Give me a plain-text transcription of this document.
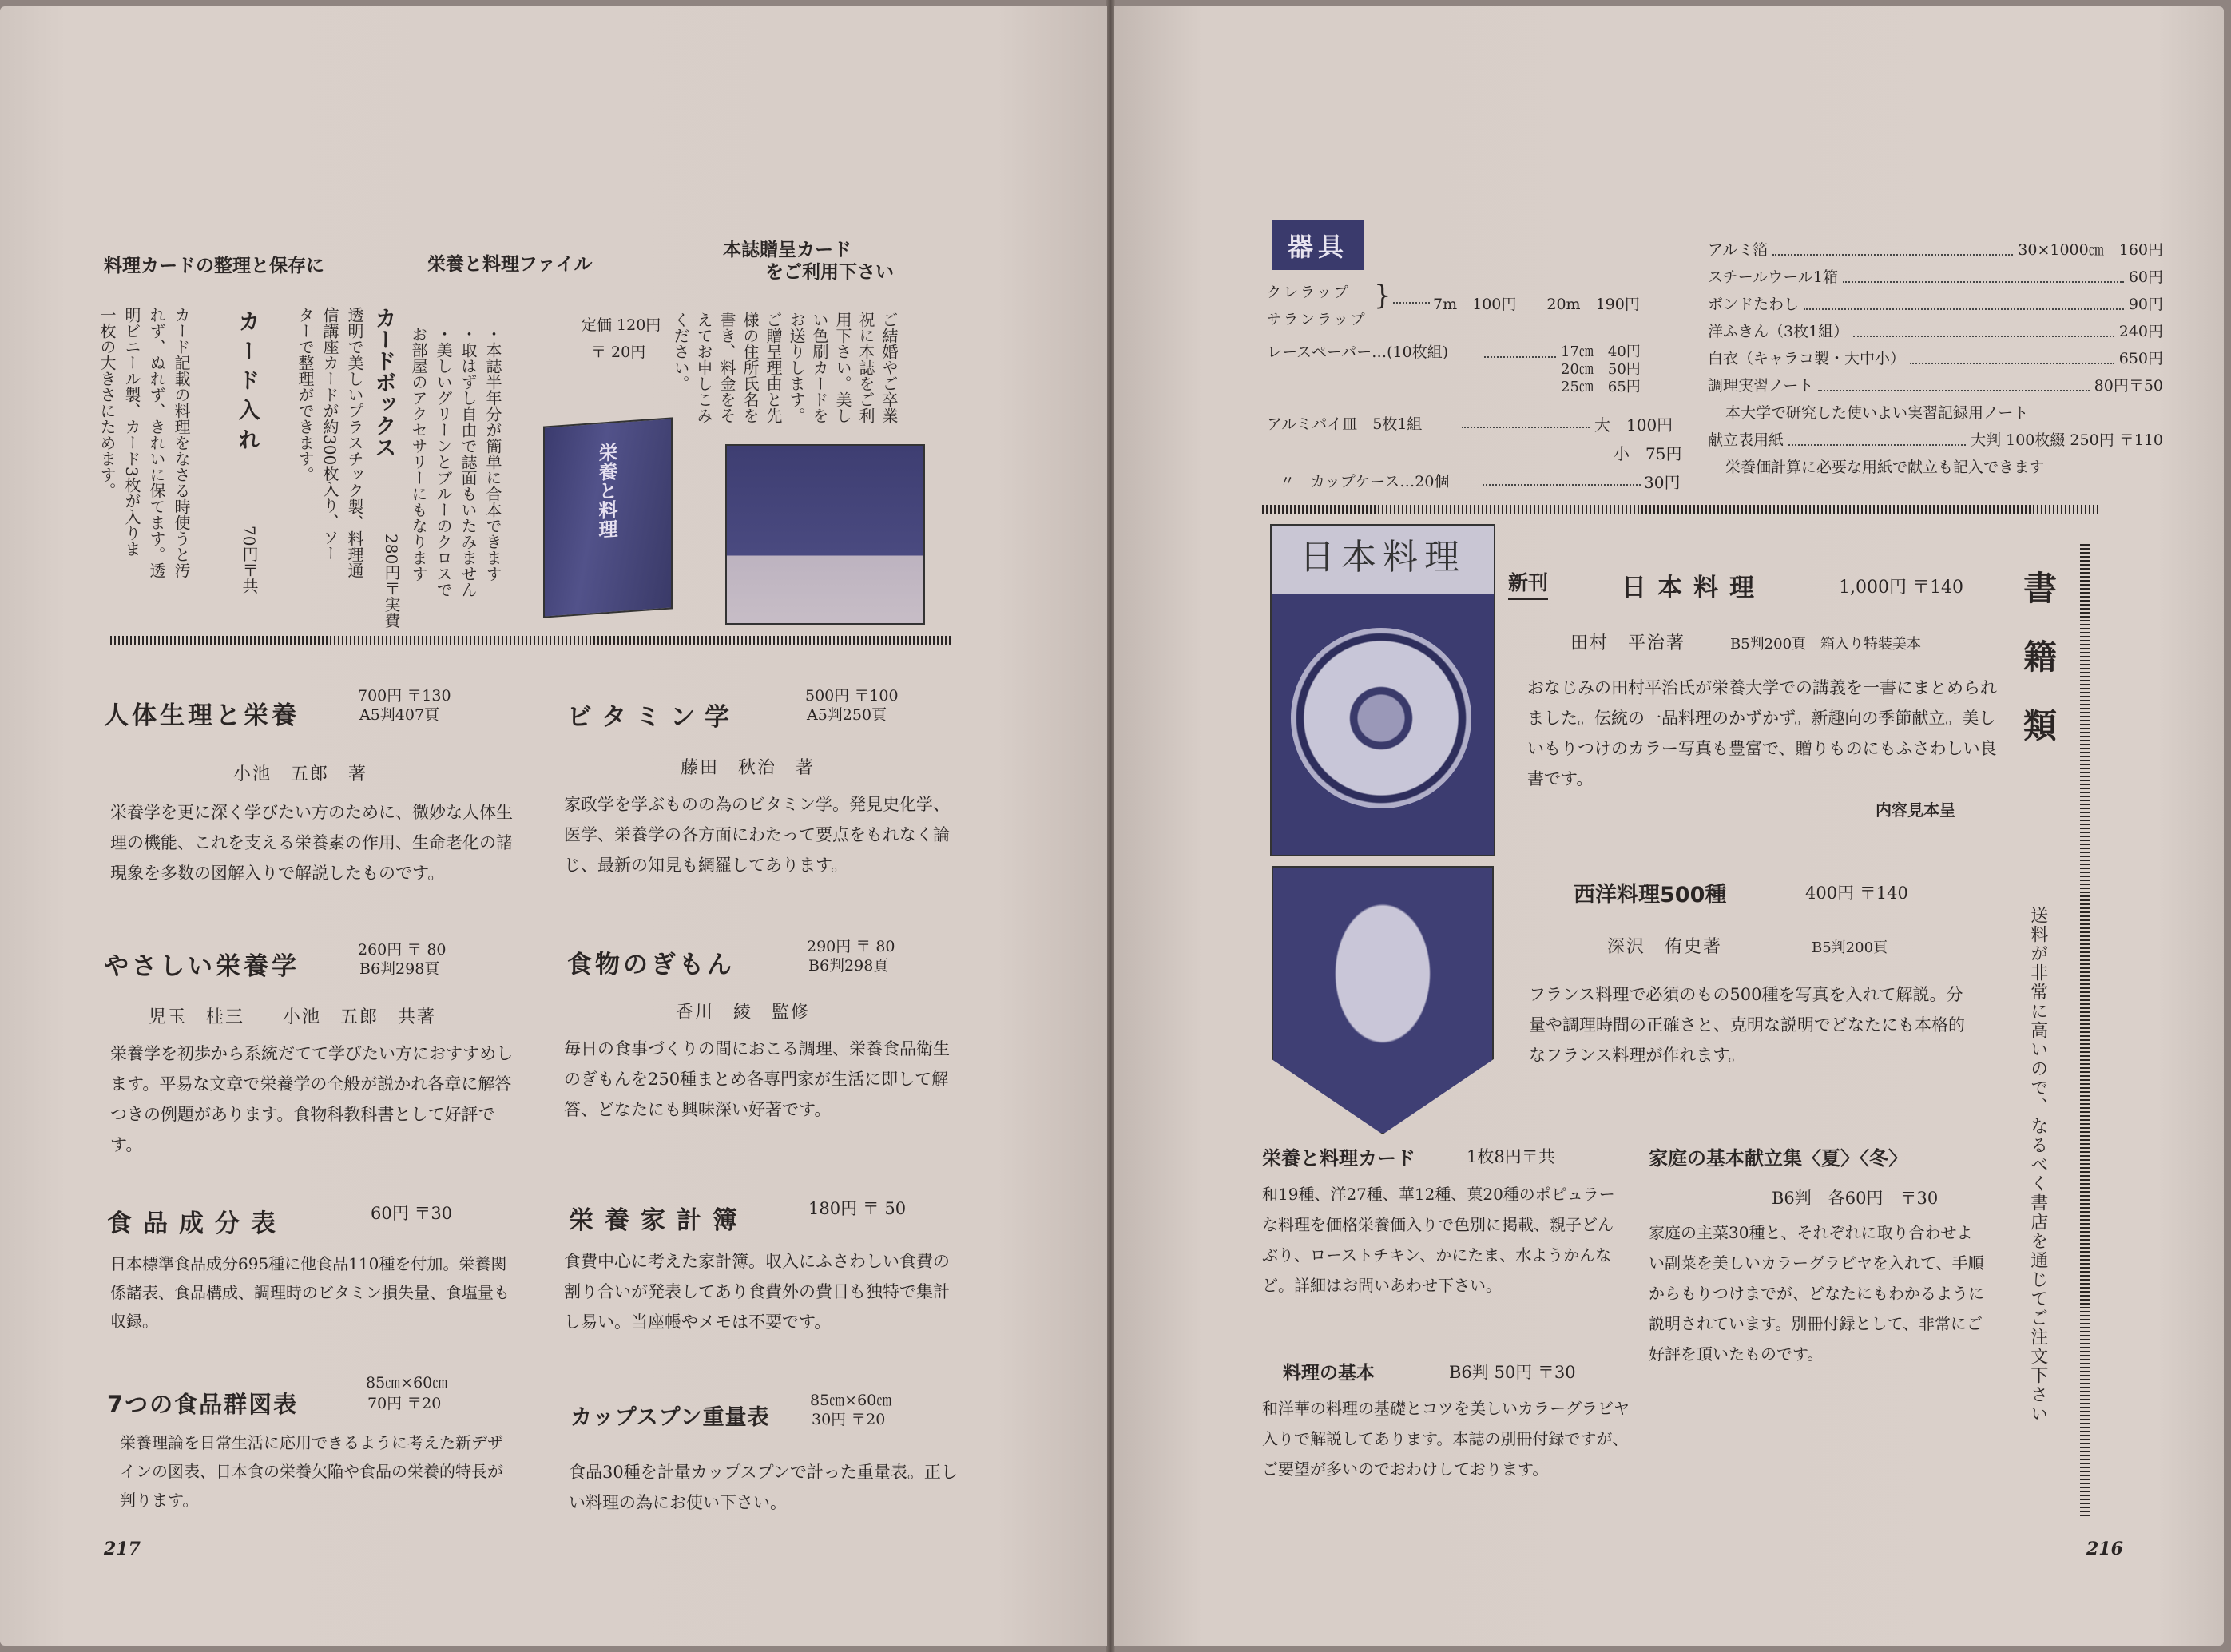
料理カードの整理と保存に	栄養と料理ファイル
本誌贈呈カード
をご利用下さい
カード記載の料理をなさる時使うと汚
れず、ぬれず、きれいに保てます。透
明ビニール製、カード3枚が入りま
一枚の大きさにためます。	カード入れ
70円〒共
カードボックス
透明で美しいプラスチック製、料理通
信講座カードが約300枚入り、ソー
ターで整理ができます。
280円〒実費	・本誌半年分が簡単に合本できます
・取はずし自由で誌面もいたみません
・美しいグリーンとブルーのクロスで
お部屋のアクセサリーにもなります
定価 120円
〒 20円
栄養と料理
ご結婚やご卒業
祝に本誌をご利
用下さい。美し
い色刷カードを
お送りします。
ご贈呈理由と先
様の住所氏名を
書き、料金をそ
えてお申しこみ
ください。
人体生理と栄養
700円 〒130
A5判407頁
小池　五郎　著
栄養学を更に深く学びたい方のために、微妙な人体生理の機能、これを支える栄養素の作用、生命老化の諸現象を多数の図解入りで解説したものです。
やさしい栄養学
260円 〒 80
B6判298頁
児玉　桂三　　小池　五郎　共著
栄養学を初歩から系統だてて学びたい方におすすめします。平易な文章で栄養学の全般が説かれ各章に解答つきの例題があります。食物科教科書として好評です。
食品成分表	60円 〒30
日本標準食品成分695種に他食品110種を付加。栄養関係諸表、食品構成、調理時のビタミン損失量、食塩量も収録。
7つの食品群図表
85㎝×60㎝
70円 〒20
栄養理論を日常生活に応用できるように考えた新デザインの図表、日本食の栄養欠陥や食品の栄養的特長が判ります。
ビタミン学
500円 〒100
A5判250頁
藤田　秋治　著
家政学を学ぶものの為のビタミン学。発見史化学、医学、栄養学の各方面にわたって要点をもれなく論じ、最新の知見も網羅してあります。
食物のぎもん
290円 〒 80
B6判298頁
香川　綾　監修
毎日の食事づくりの間におこる調理、栄養食品衛生のぎもんを250種まとめ各専門家が生活に即して解答、どなたにも興味深い好著です。
栄養家計簿	180円 〒 50
食費中心に考えた家計簿。収入にふさわしい食費の割り合いが発表してあり食費外の費目も独特で集計し易い。当座帳やメモは不要です。
カップスプン重量表
85㎝×60㎝
30円 〒20
食品30種を計量カップスプンで計った重量表。正しい料理の為にお使い下さい。
217
器具
クレラップ
サランラップ
}	7m　100円　　20m　190円
レースペーパー…(10枚組)	17㎝　40円
20㎝　50円
25㎝　65円
アルミパイ皿　5枚1組	大　100円
小　75円
〃　カップケース…20個	30円
アルミ箔	30×1000㎝　160円
スチールウール1箱	60円
ボンドたわし	90円
洋ふきん（3枚1組）	240円
白衣（キャラコ製・大中小）	650円
調理実習ノート	80円〒50
本大学で研究した使いよい実習記録用ノート
献立表用紙	大判 100枚綴 250円 〒110
栄養価計算に必要な用紙で献立も記入できます
書籍類
送料が非常に高いので、なるべく書店を通じてご注文下さい
日本料理
新刊	日本料理	1,000円 〒140
田村　平治著	B5判200頁　箱入り特装美本
おなじみの田村平治氏が栄養大学での講義を一書にまとめられました。伝統の一品料理のかずかず。新趣向の季節献立。美しいもりつけのカラー写真も豊富で、贈りものにもふさわしい良書です。
内容見本呈
西洋料理500種	400円 〒140
深沢　侑史著	B5判200頁
フランス料理で必須のもの500種を写真を入れて解説。分量や調理時間の正確さと、克明な説明でどなたにも本格的なフランス料理が作れます。
栄養と料理カード	1枚8円〒共
和19種、洋27種、華12種、菓20種のポピュラーな料理を価格栄養価入りで色別に掲載、親子どんぶり、ローストチキン、かにたま、水ようかんなど。詳細はお問いあわせ下さい。
料理の基本	B6判 50円 〒30
和洋華の料理の基礎とコツを美しいカラーグラビヤ入りで解説してあります。本誌の別冊付録ですが、ご要望が多いのでおわけしております。
家庭の基本献立集〈夏〉〈冬〉
B6判　各60円　〒30
家庭の主菜30種と、それぞれに取り合わせよい副菜を美しいカラーグラビヤを入れて、手順からもりつけまでが、どなたにもわかるように説明されています。別冊付録として、非常にご好評を頂いたものです。
216
